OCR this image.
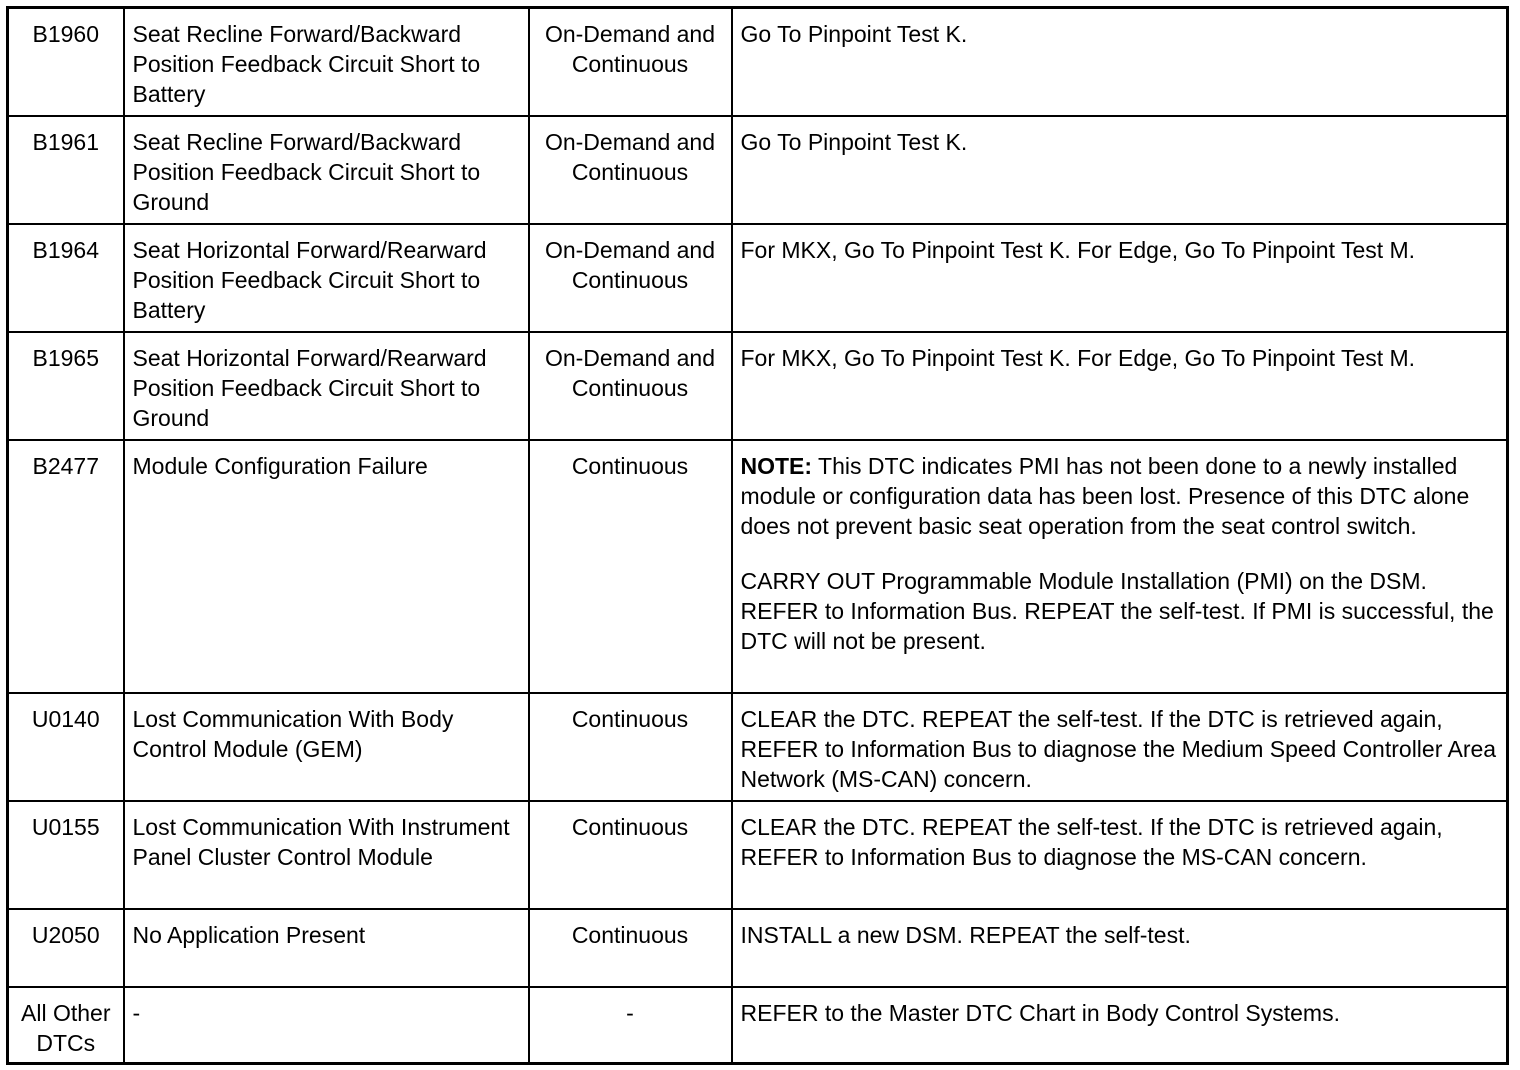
B1960	Seat Recline Forward/Backward Position Feedback Circuit Short to Battery	On-Demand and Continuous	Go To Pinpoint Test K.
B1961	Seat Recline Forward/Backward Position Feedback Circuit Short to Ground	On-Demand and Continuous	Go To Pinpoint Test K.
B1964	Seat Horizontal Forward/Rearward Position Feedback Circuit Short to Battery	On-Demand and Continuous	For MKX, Go To Pinpoint Test K. For Edge, Go To Pinpoint Test M.
B1965	Seat Horizontal Forward/Rearward Position Feedback Circuit Short to Ground	On-Demand and Continuous	For MKX, Go To Pinpoint Test K. For Edge, Go To Pinpoint Test M.
B2477	Module Configuration Failure	Continuous	NOTE: This DTC indicates PMI has not been done to a newly installed module or configuration data has been lost. Presence of this DTC alone does not prevent basic seat operation from the seat control switch.
CARRY OUT Programmable Module Installation (PMI) on the DSM. REFER to Information Bus. REPEAT the self-test. If PMI is successful, the DTC will not be present.

U0140	Lost Communication With Body Control Module (GEM)	Continuous	CLEAR the DTC. REPEAT the self-test. If the DTC is retrieved again, REFER to Information Bus to diagnose the Medium Speed Controller Area Network (MS-CAN) concern.
U0155	Lost Communication With Instrument Panel Cluster Control Module	Continuous	CLEAR the DTC. REPEAT the self-test. If the DTC is retrieved again, REFER to Information Bus to diagnose the MS-CAN concern.
U2050	No Application Present	Continuous	INSTALL a new DSM. REPEAT the self-test.
All Other DTCs	-	-	REFER to the Master DTC Chart in Body Control Systems.
